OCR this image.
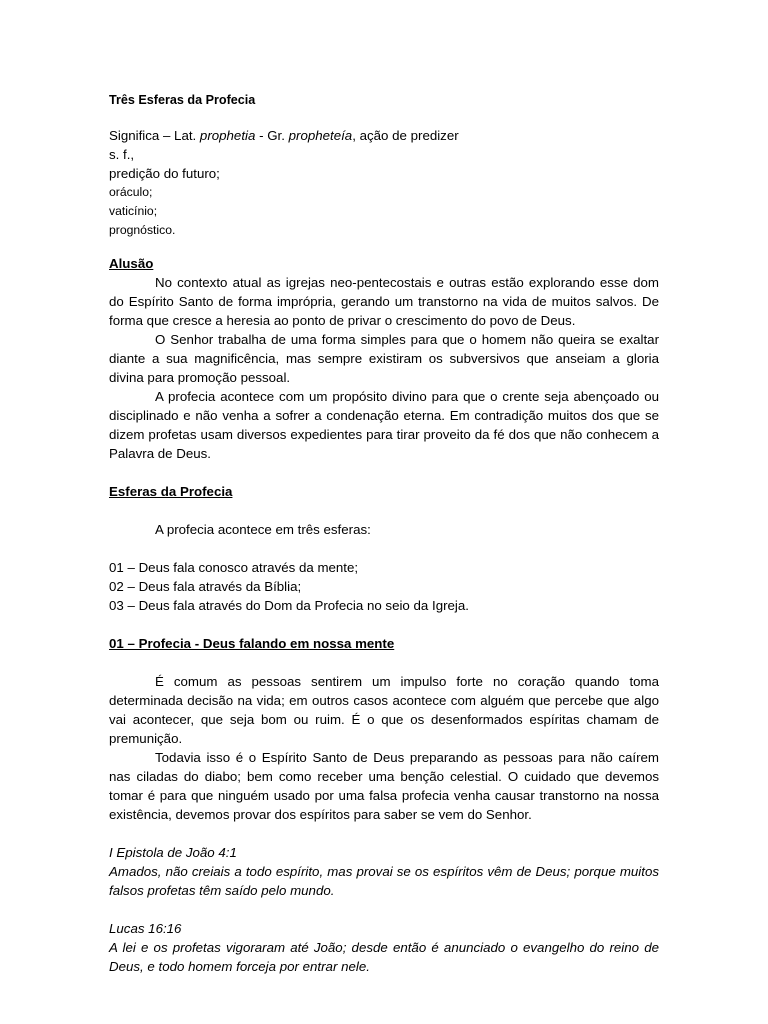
Três Esferas da Profecia
Significa – Lat. prophetia - Gr. propheteía, ação de predizer
s. f.,
predição do futuro;
oráculo;
vaticínio;
prognóstico.
Alusão

No contexto atual as igrejas neo-pentecostais e outras estão explorando esse dom do Espírito Santo de forma imprópria, gerando um transtorno na vida de muitos salvos. De forma que cresce a heresia ao ponto de privar o crescimento do povo de Deus.

O Senhor trabalha de uma forma simples para que o homem não queira se exaltar diante a sua magnificência, mas sempre existiram os subversivos que anseiam a gloria divina para promoção pessoal.

A profecia acontece com um propósito divino para que o crente seja abençoado ou disciplinado e não venha a sofrer a condenação eterna. Em contradição muitos dos que se dizem profetas usam diversos expedientes para tirar proveito da fé dos que não conhecem a Palavra de Deus.

Esferas da Profecia
A profecia acontece em três esferas:
01 – Deus fala conosco através da mente;
02 – Deus fala através da Bíblia;
03 – Deus fala através do Dom da Profecia no seio da Igreja.
01 – Profecia - Deus falando em nossa mente

É comum as pessoas sentirem um impulso forte no coração quando toma determinada decisão na vida; em outros casos acontece com alguém que percebe que algo vai acontecer, que seja bom ou ruim. É o que os desenformados espíritas chamam de premunição.

Todavia isso é o Espírito Santo de Deus preparando as pessoas para não caírem nas ciladas do diabo; bem como receber uma benção celestial. O cuidado que devemos tomar é para que ninguém usado por uma falsa profecia venha causar transtorno na nossa existência, devemos provar dos espíritos para saber se vem do Senhor.

I Epistola de João 4:1

Amados, não creiais a todo espírito, mas provai se os espíritos vêm de Deus; porque muitos falsos profetas têm saído pelo mundo.

Lucas 16:16

A lei e os profetas vigoraram até João; desde então é anunciado o evangelho do reino de Deus, e todo homem forceja por entrar nele.
